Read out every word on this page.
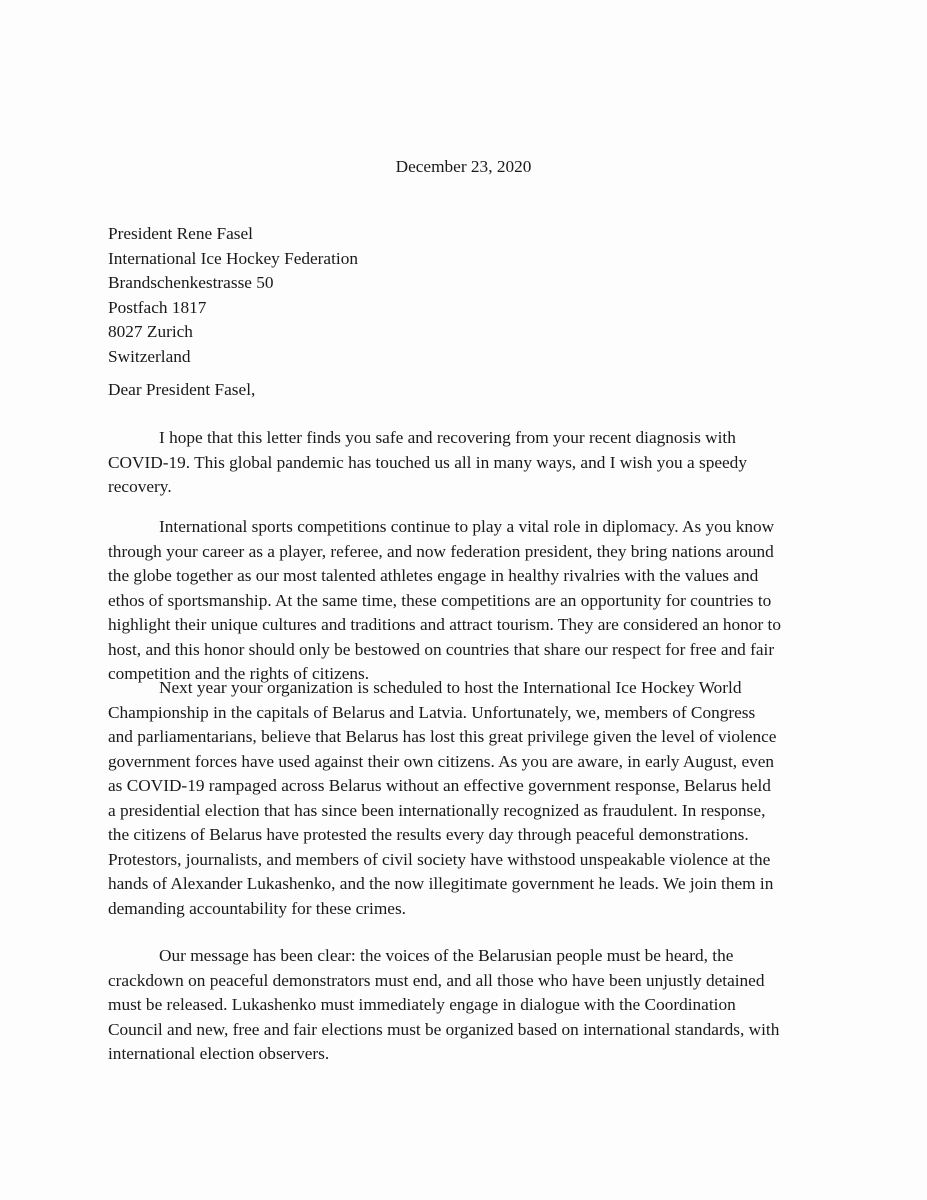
December 23, 2020
President Rene Fasel
International Ice Hockey Federation
Brandschenkestrasse 50
Postfach 1817
8027 Zurich
Switzerland
Dear President Fasel,
I hope that this letter finds you safe and recovering from your recent diagnosis with
COVID-19. This global pandemic has touched us all in many ways, and I wish you a speedy
recovery.
International sports competitions continue to play a vital role in diplomacy. As you know
through your career as a player, referee, and now federation president, they bring nations around
the globe together as our most talented athletes engage in healthy rivalries with the values and
ethos of sportsmanship. At the same time, these competitions are an opportunity for countries to
highlight their unique cultures and traditions and attract tourism. They are considered an honor to
host, and this honor should only be bestowed on countries that share our respect for free and fair
competition and the rights of citizens.
Next year your organization is scheduled to host the International Ice Hockey World
Championship in the capitals of Belarus and Latvia. Unfortunately, we, members of Congress
and parliamentarians, believe that Belarus has lost this great privilege given the level of violence
government forces have used against their own citizens. As you are aware, in early August, even
as COVID-19 rampaged across Belarus without an effective government response, Belarus held
a presidential election that has since been internationally recognized as fraudulent. In response,
the citizens of Belarus have protested the results every day through peaceful demonstrations.
Protestors, journalists, and members of civil society have withstood unspeakable violence at the
hands of Alexander Lukashenko, and the now illegitimate government he leads. We join them in
demanding accountability for these crimes.
Our message has been clear: the voices of the Belarusian people must be heard, the
crackdown on peaceful demonstrators must end, and all those who have been unjustly detained
must be released. Lukashenko must immediately engage in dialogue with the Coordination
Council and new, free and fair elections must be organized based on international standards, with
international election observers.
